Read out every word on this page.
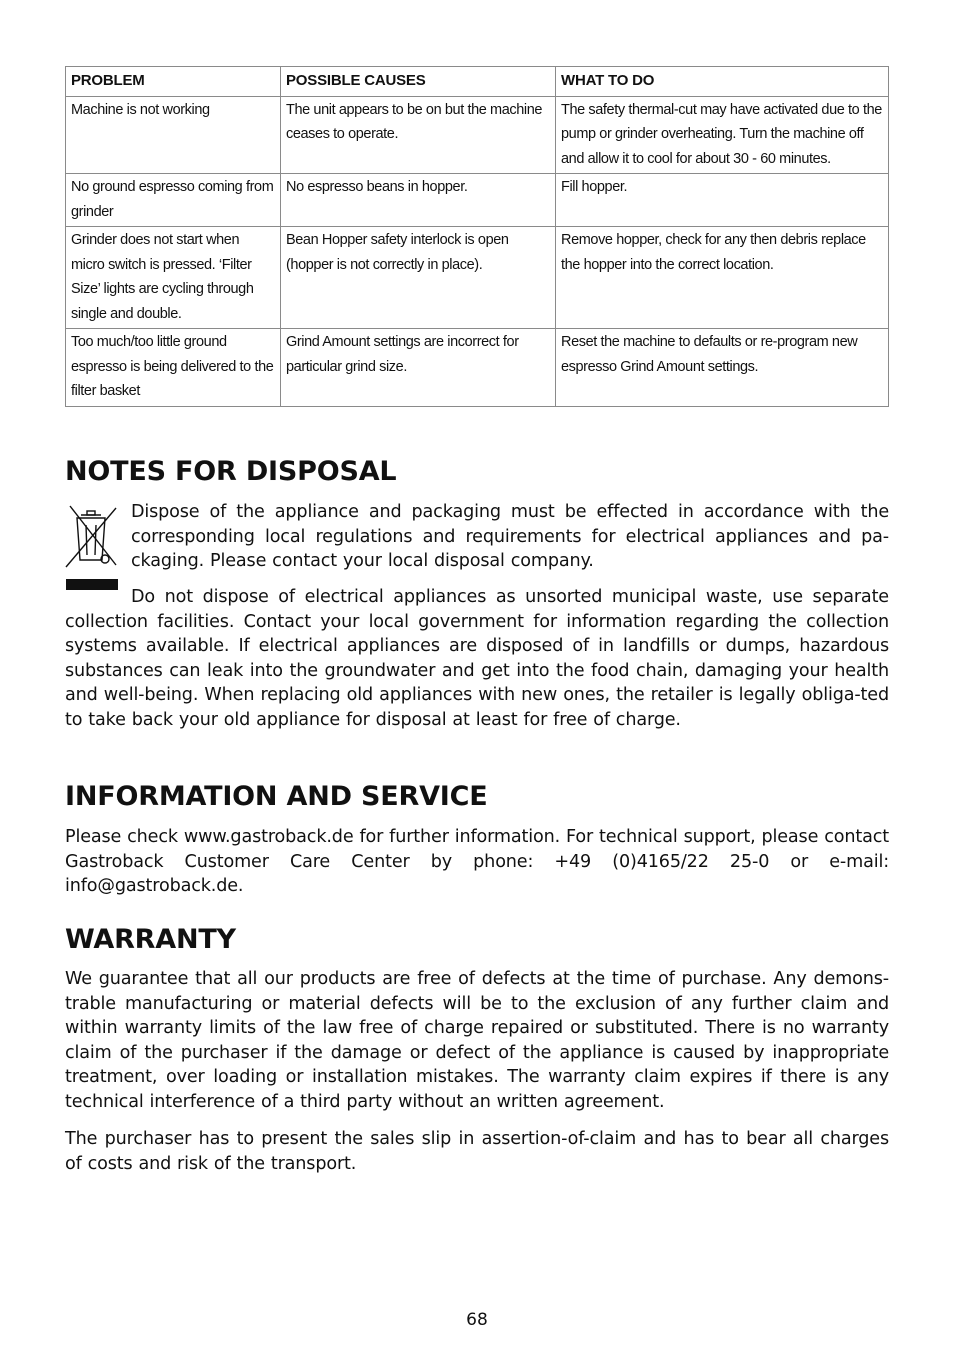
PROBLEM	POSSIBLE CAUSES	WHAT TO DO
Machine is not working	The unit appears to be on but the machine ceases to operate.	The safety thermal-cut may have activated due to the pump or grinder overheating. Turn the machine off and allow it to cool for about 30 - 60 minutes.
No ground espresso coming from grinder	No espresso beans in hopper.	Fill hopper.
Grinder does not start when micro switch is pressed. ‘Filter Size’ lights are cycling through single and double.	Bean Hopper safety interlock is open (hopper is not correctly in place).	Remove hopper, check for any then debris replace the hopper into the correct location.
Too much/too little ground espresso is being delivered to the filter basket	Grind Amount settings are incorrect for particular grind size.	Reset the machine to defaults or re-program new espresso Grind Amount settings.
NOTES FOR DISPOSAL

Dispose of the appliance and packaging must be effected in accordance with the corresponding local regulations and requirements for electrical appliances and pa-ckaging. Please contact your local disposal company.

Do not dispose of electrical appliances as unsorted municipal waste, use separate collection facilities. Contact your local government for information regarding the collection systems available. If electrical appliances are disposed of in landfills or dumps, hazardous substances can leak into the groundwater and get into the food chain, damaging your health and well-being. When replacing old appliances with new ones, the retailer is legally obliga-ted to take back your old appliance for disposal at least for free of charge.

INFORMATION AND SERVICE

Please check www.gastroback.de for further information. For technical support, please contact Gastroback Customer Care Center by phone: +49 (0)4165/22 25-0 or e-mail: info@gastroback.de.

WARRANTY

We guarantee that all our products are free of defects at the time of purchase. Any demons-trable manufacturing or material defects will be to the exclusion of any further claim and within warranty limits of the law free of charge repaired or substituted. There is no warranty claim of the purchaser if the damage or defect of the appliance is caused by inappropriate treatment, over loading or installation mistakes. The warranty claim expires if there is any technical interference of a third party without an written agreement.

The purchaser has to present the sales slip in assertion-of-claim and has to bear all charges of costs and risk of the transport.

68
